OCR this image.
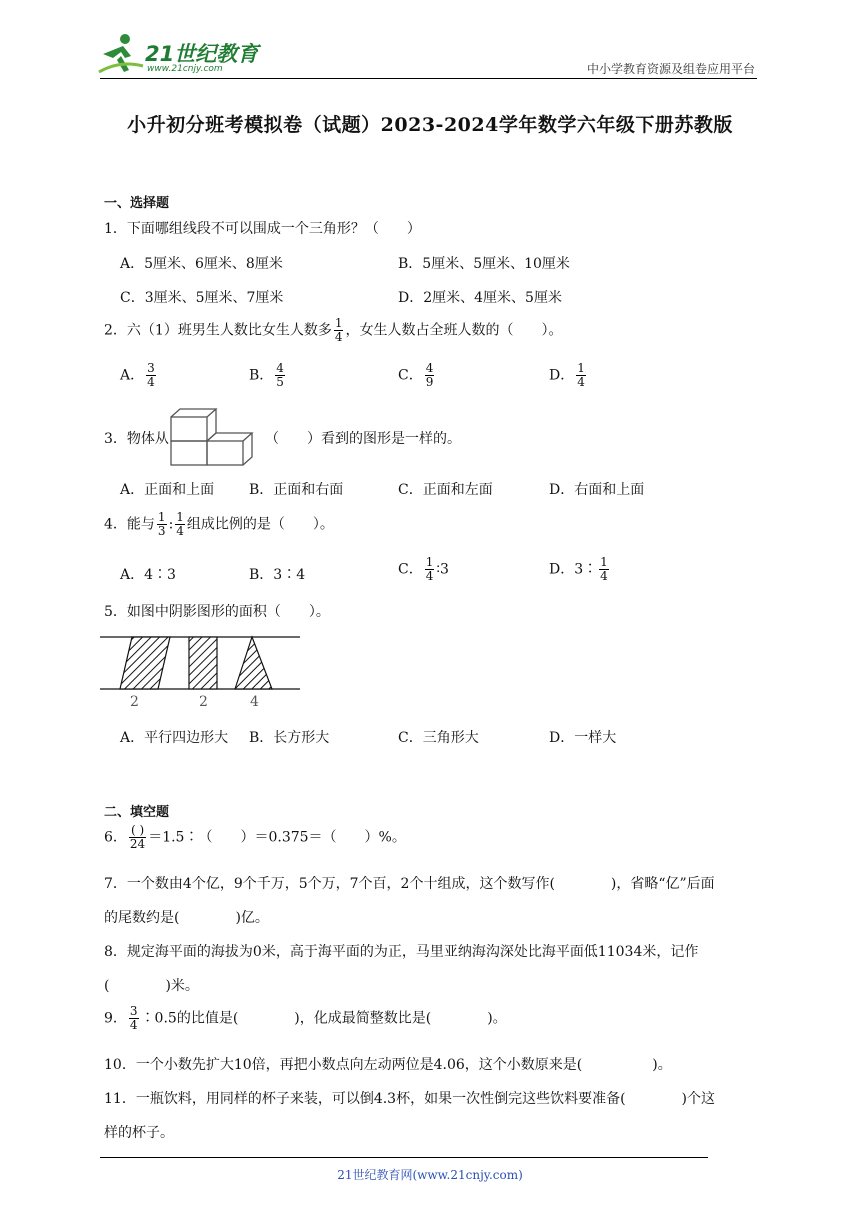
21世纪教育
www.21cnjy.com	中小学教育资源及组卷应用平台
小升初分班考模拟卷（试题）2023-2024学年数学六年级下册苏教版
一、选择题
1．下面哪组线段不可以围成一个三角形？（　　）
A．5厘米、6厘米、8厘米	B．5厘米、5厘米、10厘米
C．3厘米、5厘米、7厘米	D．2厘米、4厘米、5厘米
2．六（1）班男生人数比女生人数多 $\frac{1}{4}$ ，女生人数占全班人数的（　　）。
A． $\frac{3}{4}$	B． $\frac{4}{5}$	C． $\frac{4}{9}$	D． $\frac{1}{4}$
3．物体从	（　　）看到的图形是一样的。
A．正面和上面 B．正面和右面	C．正面和左面	D．右面和上面
4．能与 $\frac{1}{3}$ : $\frac{1}{4}$ 组成比例的是（　　）。
A．4∶3	B．3∶4	C． $\frac{1}{4}$ ∶3	D．3∶ $\frac{1}{4}$
5．如图中阴影图形的面积（　　）。
2	2	4
A．平行四边形大 B．长方形大	C．三角形大	D．一样大
二、填空题
6． $\frac{( )}{24}$ ＝1.5∶（　　）＝0.375＝（　　）%。
7．一个数由4个亿，9个千万，5个万，7个百，2个十组成，这个数写作(　　　　)，省略“亿”后面
的尾数约是(　　　　)亿。
8．规定海平面的海拔为0米，高于海平面的为正，马里亚纳海沟深处比海平面低11034米，记作
(　　　　)米。
9． $\frac{3}{4}$ ∶0.5的比值是(　　　　)，化成最简整数比是(　　　　)。
10．一个小数先扩大10倍，再把小数点向左动两位是4.06，这个小数原来是(　　　　　)。
11．一瓶饮料，用同样的杯子来装，可以倒4.3杯，如果一次性倒完这些饮料要准备(　　　　)个这
样的杯子。
21世纪教育网(www.21cnjy.com)
